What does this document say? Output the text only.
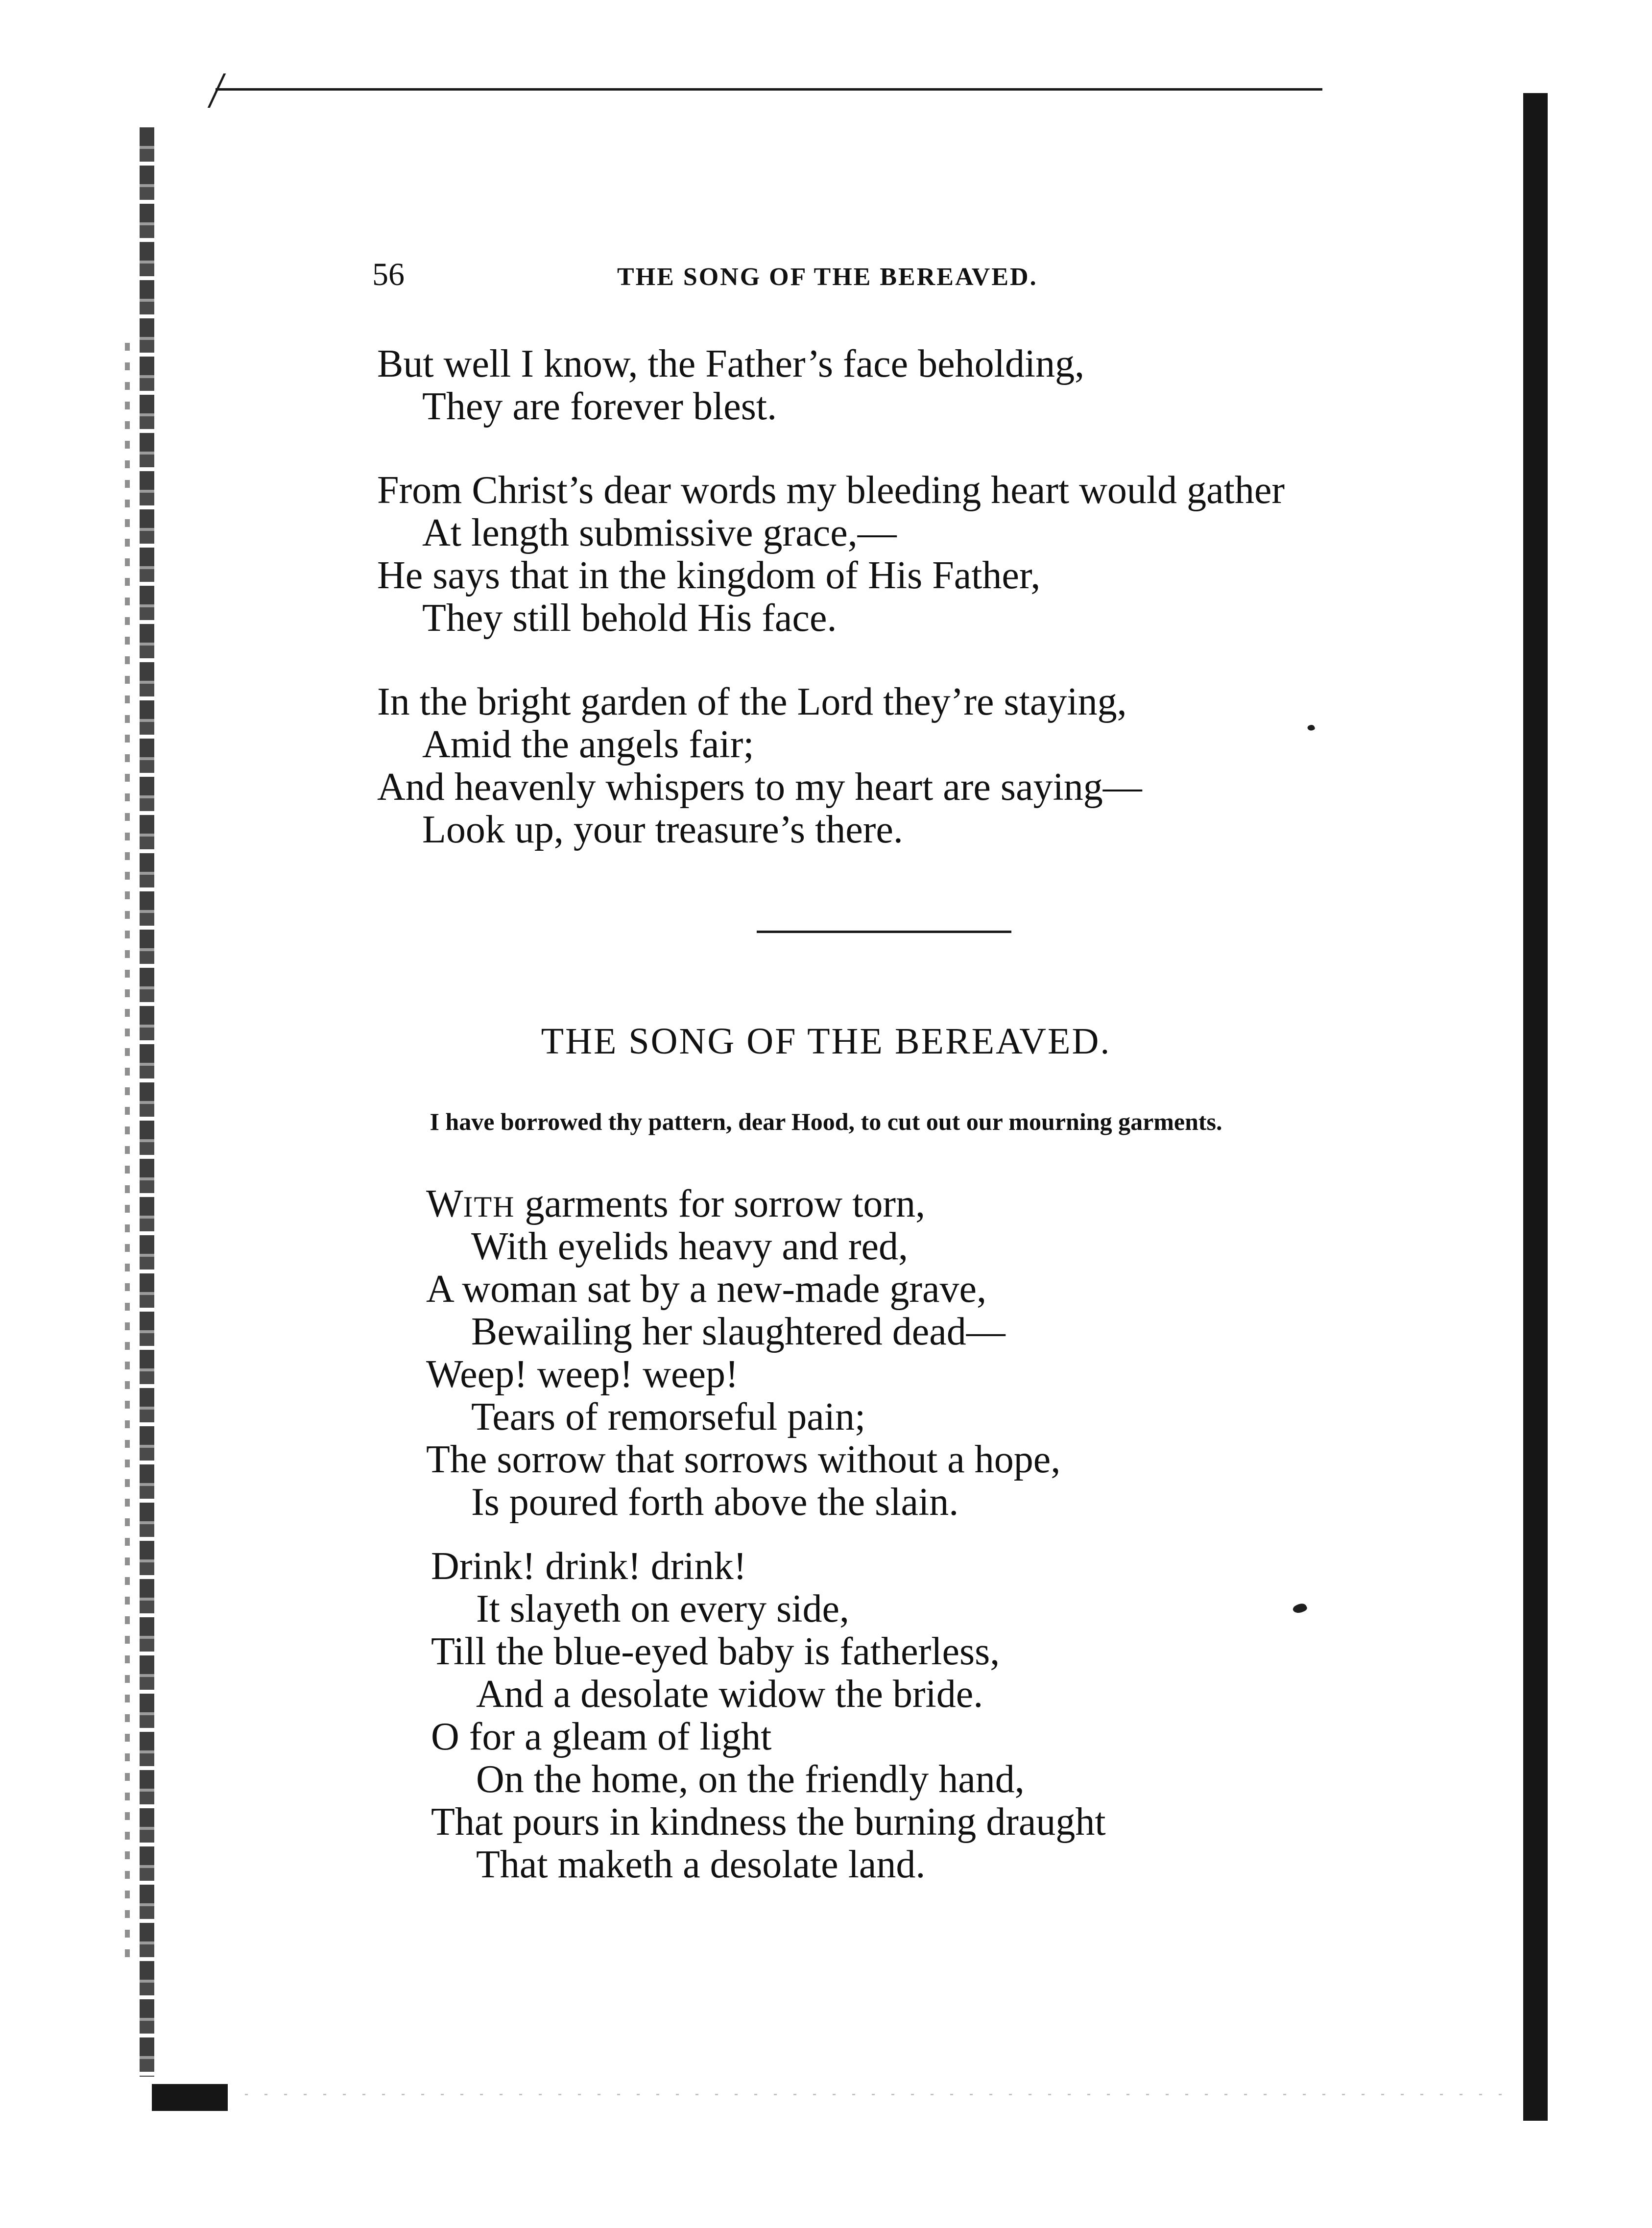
56	THE SONG OF THE BEREAVED.
But well I know, the Father’s face beholding,
They are forever blest.
From Christ’s dear words my bleeding heart would gather
At length submissive grace,—
He says that in the kingdom of His Father,
They still behold His face.
In the bright garden of the Lord they’re staying,
Amid the angels fair;
And heavenly whispers to my heart are saying—
Look up, your treasure’s there.
THE SONG OF THE BEREAVED.
I have borrowed thy pattern, dear Hood, to cut out our mourning garments.
WITH garments for sorrow torn,
With eyelids heavy and red,
A woman sat by a new-made grave,
Bewailing her slaughtered dead—
Weep! weep! weep!
Tears of remorseful pain;
The sorrow that sorrows without a hope,
Is poured forth above the slain.
Drink! drink! drink!
It slayeth on every side,
Till the blue-eyed baby is fatherless,
And a desolate widow the bride.
O for a gleam of light
On the home, on the friendly hand,
That pours in kindness the burning draught
That maketh a desolate land.
